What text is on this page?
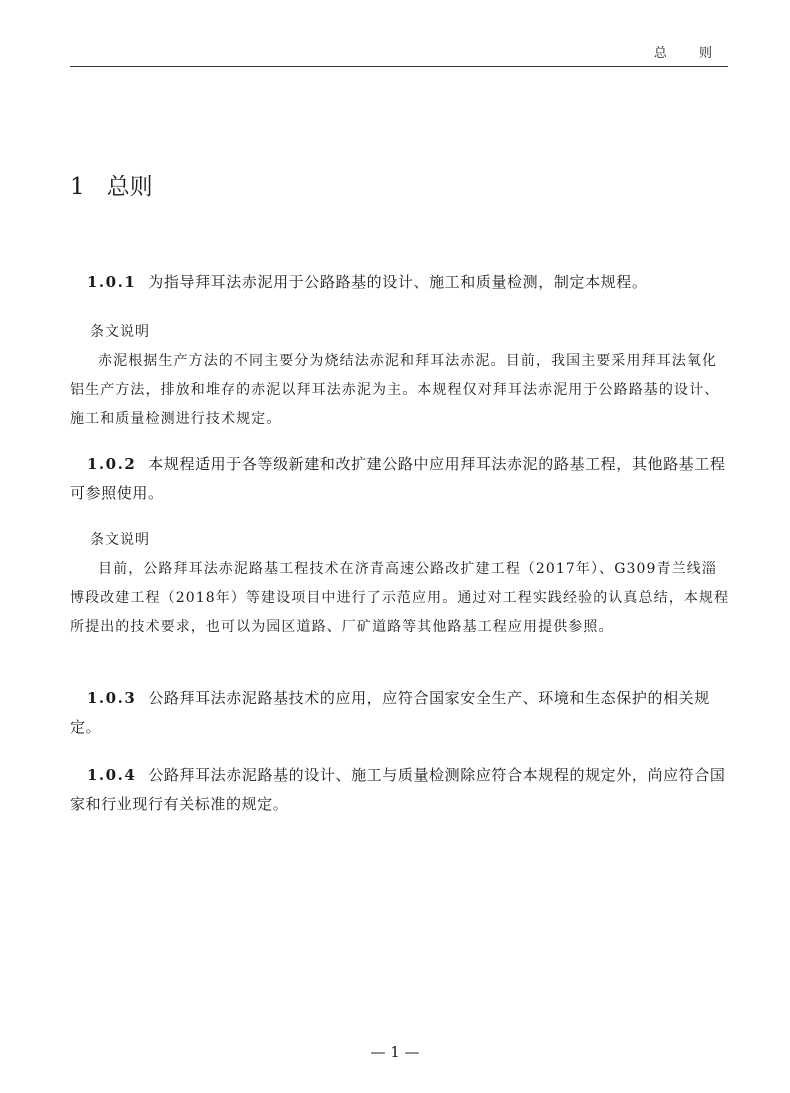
总 则
1 总则
1.0.1 为指导拜耳法赤泥用于公路路基的设计、施工和质量检测，制定本规程。
条文说明
赤泥根据生产方法的不同主要分为烧结法赤泥和拜耳法赤泥。目前，我国主要采用拜耳法氧化铝生产方法，排放和堆存的赤泥以拜耳法赤泥为主。本规程仅对拜耳法赤泥用于公路路基的设计、施工和质量检测进行技术规定。
1.0.2 本规程适用于各等级新建和改扩建公路中应用拜耳法赤泥的路基工程，其他路基工程可参照使用。
条文说明
目前，公路拜耳法赤泥路基工程技术在济青高速公路改扩建工程（2017年）、G309青兰线淄博段改建工程（2018年）等建设项目中进行了示范应用。通过对工程实践经验的认真总结，本规程所提出的技术要求，也可以为园区道路、厂矿道路等其他路基工程应用提供参照。
1.0.3 公路拜耳法赤泥路基技术的应用，应符合国家安全生产、环境和生态保护的相关规定。
1.0.4 公路拜耳法赤泥路基的设计、施工与质量检测除应符合本规程的规定外，尚应符合国家和行业现行有关标准的规定。
— 1 —
